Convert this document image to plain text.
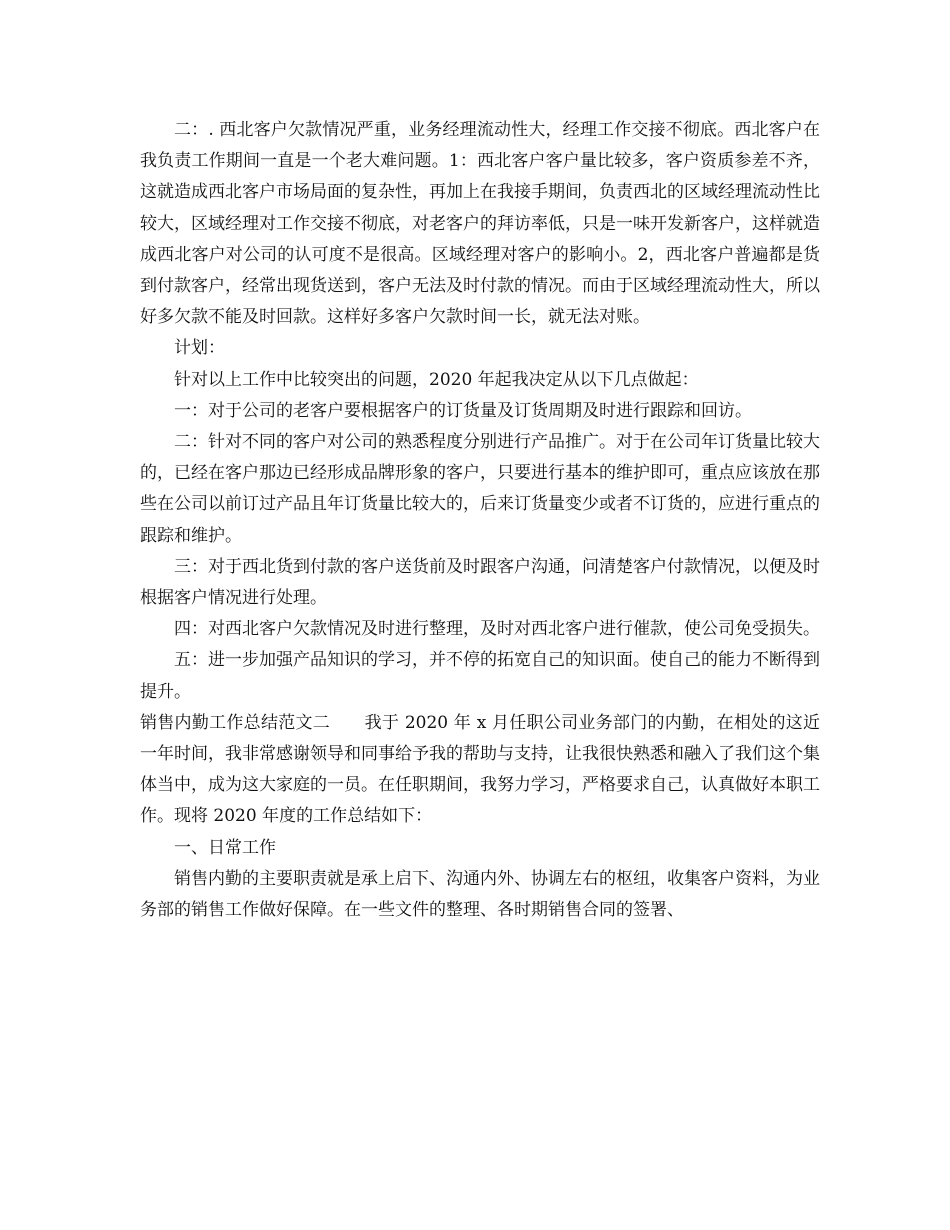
二：. 西北客户欠款情况严重，业务经理流动性大，经理工作交接不彻底。西北客户在我负责工作期间一直是一个老大难问题。1：西北客户客户量比较多，客户资质参差不齐，这就造成西北客户市场局面的复杂性，再加上在我接手期间，负责西北的区域经理流动性比较大，区域经理对工作交接不彻底，对老客户的拜访率低，只是一味开发新客户，这样就造成西北客户对公司的认可度不是很高。区域经理对客户的影响小。2，西北客户普遍都是货到付款客户，经常出现货送到，客户无法及时付款的情况。而由于区域经理流动性大，所以好多欠款不能及时回款。这样好多客户欠款时间一长，就无法对账。

计划：

针对以上工作中比较突出的问题，2020 年起我决定从以下几点做起：

一：对于公司的老客户要根据客户的订货量及订货周期及时进行跟踪和回访。

二：针对不同的客户对公司的熟悉程度分别进行产品推广。对于在公司年订货量比较大的，已经在客户那边已经形成品牌形象的客户，只要进行基本的维护即可，重点应该放在那些在公司以前订过产品且年订货量比较大的，后来订货量变少或者不订货的，应进行重点的跟踪和维护。

三：对于西北货到付款的客户送货前及时跟客户沟通，问清楚客户付款情况，以便及时根据客户情况进行处理。

四：对西北客户欠款情况及时进行整理，及时对西北客户进行催款，使公司免受损失。

五：进一步加强产品知识的学习，并不停的拓宽自己的知识面。使自己的能力不断得到提升。

销售内勤工作总结范文二　　我于 2020 年 x 月任职公司业务部门的内勤，在相处的这近一年时间，我非常感谢领导和同事给予我的帮助与支持，让我很快熟悉和融入了我们这个集体当中，成为这大家庭的一员。在任职期间，我努力学习，严格要求自己，认真做好本职工作。现将 2020 年度的工作总结如下：

一、日常工作

销售内勤的主要职责就是承上启下、沟通内外、协调左右的枢纽，收集客户资料，为业务部的销售工作做好保障。在一些文件的整理、各时期销售合同的签署、
